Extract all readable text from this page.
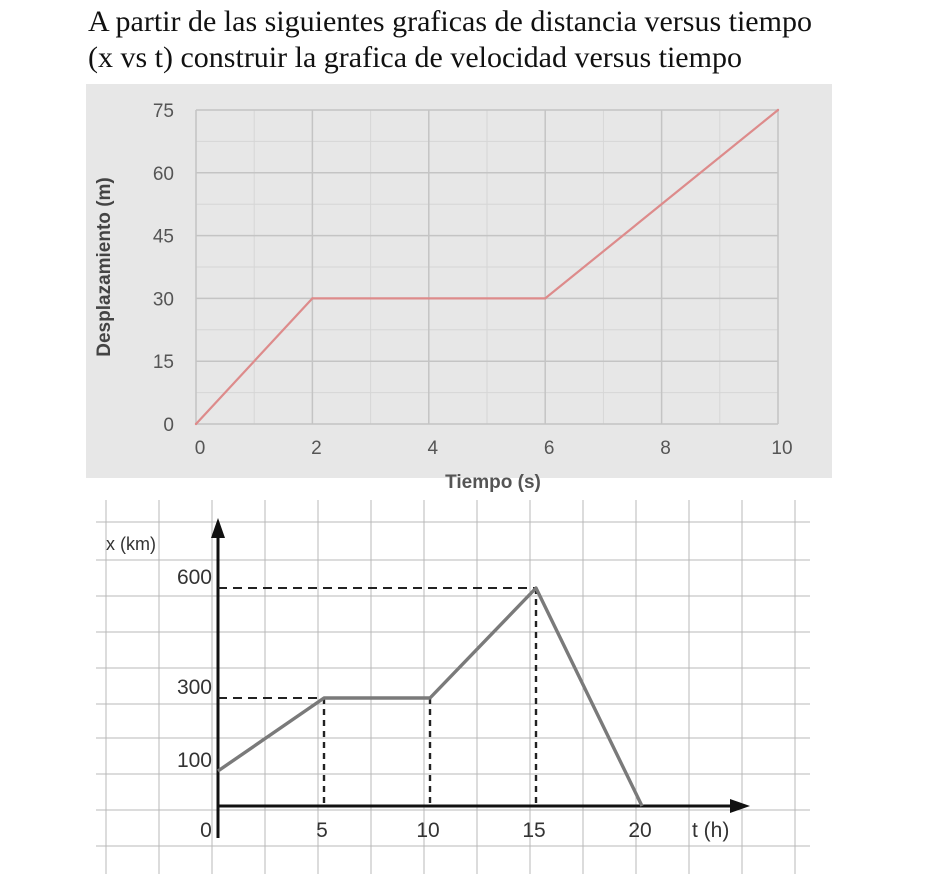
A partir de las siguientes graficas de distancia versus tiempo
(x vs t) construir la grafica de velocidad versus tiempo
0
15
30
45
60
75
0	2	4	6	8	10
Desplazamiento (m)
Tiempo (s)
100
300
600
5	10	15	20
0
x (km)
t (h)
